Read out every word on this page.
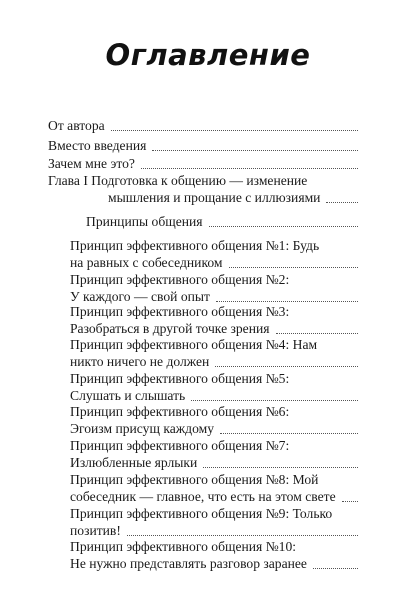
Оглавление
От автора
Вместо введения
Зачем мне это?
Глава I Подготовка к общению — изменение
мышления и прощание с иллюзиями
Принципы общения
Принцип эффективного общения №1: Будь
на равных с собеседником
Принцип эффективного общения №2:
У каждого — свой опыт
Принцип эффективного общения №3:
Разобраться в другой точке зрения
Принцип эффективного общения №4: Нам
никто ничего не должен
Принцип эффективного общения №5:
Слушать и слышать
Принцип эффективного общения №6:
Эгоизм присущ каждому
Принцип эффективного общения №7:
Излюбленные ярлыки
Принцип эффективного общения №8: Мой
собеседник — главное, что есть на этом свете
Принцип эффективного общения №9: Только
позитив!
Принцип эффективного общения №10:
Не нужно представлять разговор заранее
